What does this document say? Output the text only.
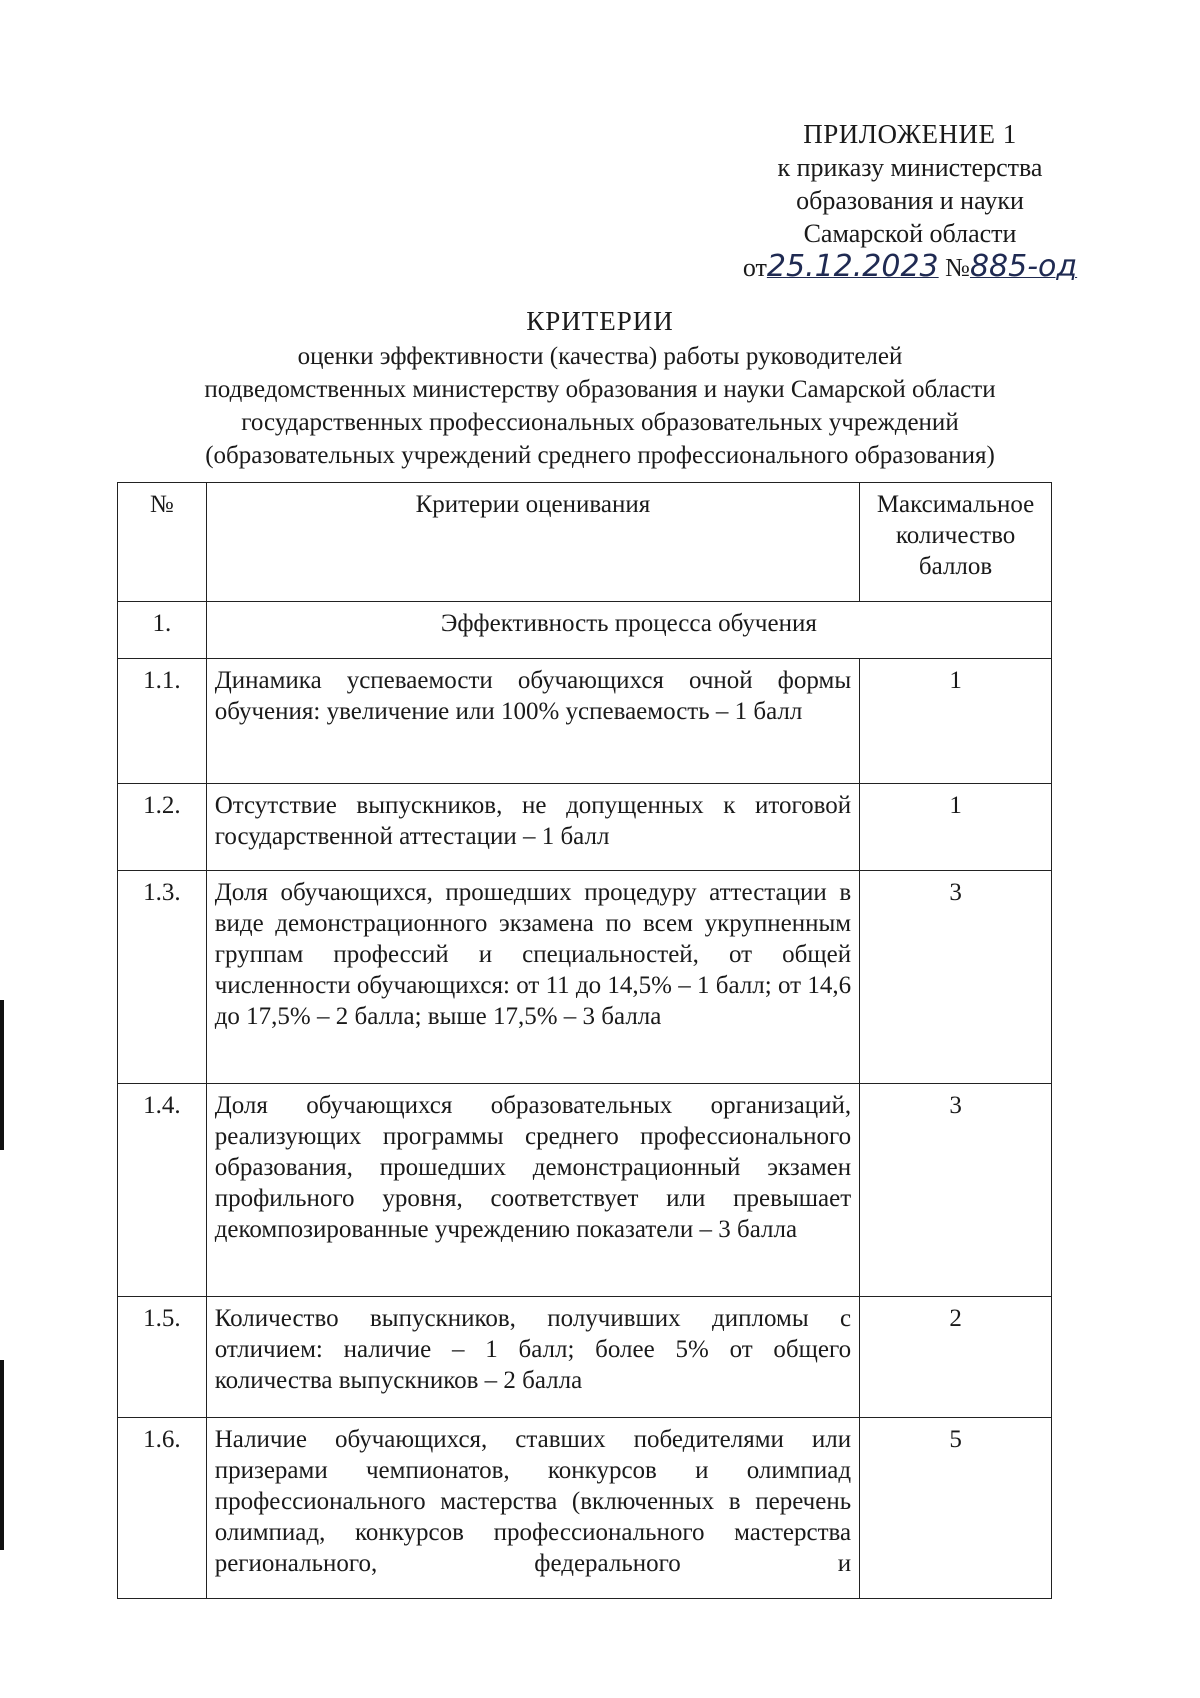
ПРИЛОЖЕНИЕ 1
к приказу министерства
образования и науки
Самарской области
от25.12.2023 №885-од
КРИТЕРИИ
оценки эффективности (качества) работы руководителей
подведомственных министерству образования и науки Самарской области
государственных профессиональных образовательных учреждений
(образовательных учреждений среднего профессионального образования)
№	Критерии оценивания	Максимальное количество баллов
1.	Эффективность процесса обучения	
1.1.	Динамика успеваемости обучающихся очной формы обучения: увеличение или 100% успеваемость – 1 балл	1
1.2.	Отсутствие выпускников, не допущенных к итоговой государственной аттестации – 1 балл	1
1.3.	Доля обучающихся, прошедших процедуру аттестации в виде демонстрационного экзамена по всем укрупненным группам профессий и специальностей, от общей численности обучающихся: от 11 до 14,5% – 1 балл; от 14,6 до 17,5% – 2 балла; выше 17,5% – 3 балла	3
1.4.	Доля обучающихся образовательных организаций, реализующих программы среднего профессионального образования, прошедших демонстрационный экзамен профильного уровня, соответствует или превышает декомпозированные учреждению показатели – 3 балла	3
1.5.	Количество выпускников, получивших дипломы с отличием: наличие – 1 балл; более 5% от общего количества выпускников – 2 балла	2
1.6.	Наличие обучающихся, ставших победителями или призерами чемпионатов, конкурсов и олимпиад профессионального мастерства (включенных в перечень олимпиад, конкурсов профессионального мастерства регионального, федерального и	5
